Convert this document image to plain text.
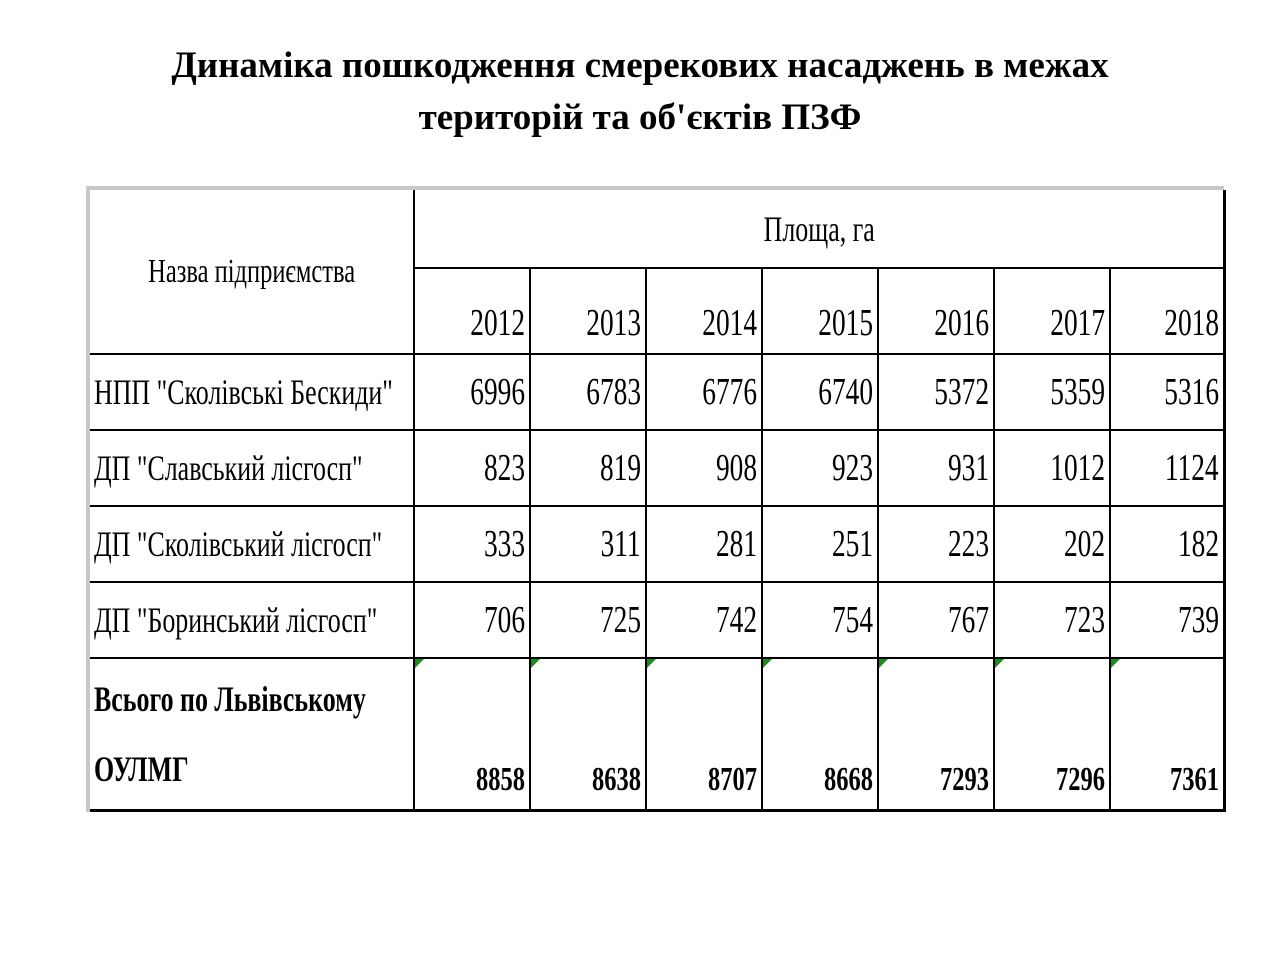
Динаміка пошкодження смерекових насаджень в межах
територій та об'єктів ПЗФ
Назва підприємства	Площа, га						
	2012	2013	2014	2015	2016	2017	2018
НПП "Сколівські Бескиди"	6996	6783	6776	6740	5372	5359	5316
ДП "Славський лісгосп"	823	819	908	923	931	1012	1124
ДП "Сколівський лісгосп"	333	311	281	251	223	202	182
ДП "Боринський лісгосп"	706	725	742	754	767	723	739
Всього по Львівському
ОУЛМГ	8858	8638	8707	8668	7293	7296	7361
